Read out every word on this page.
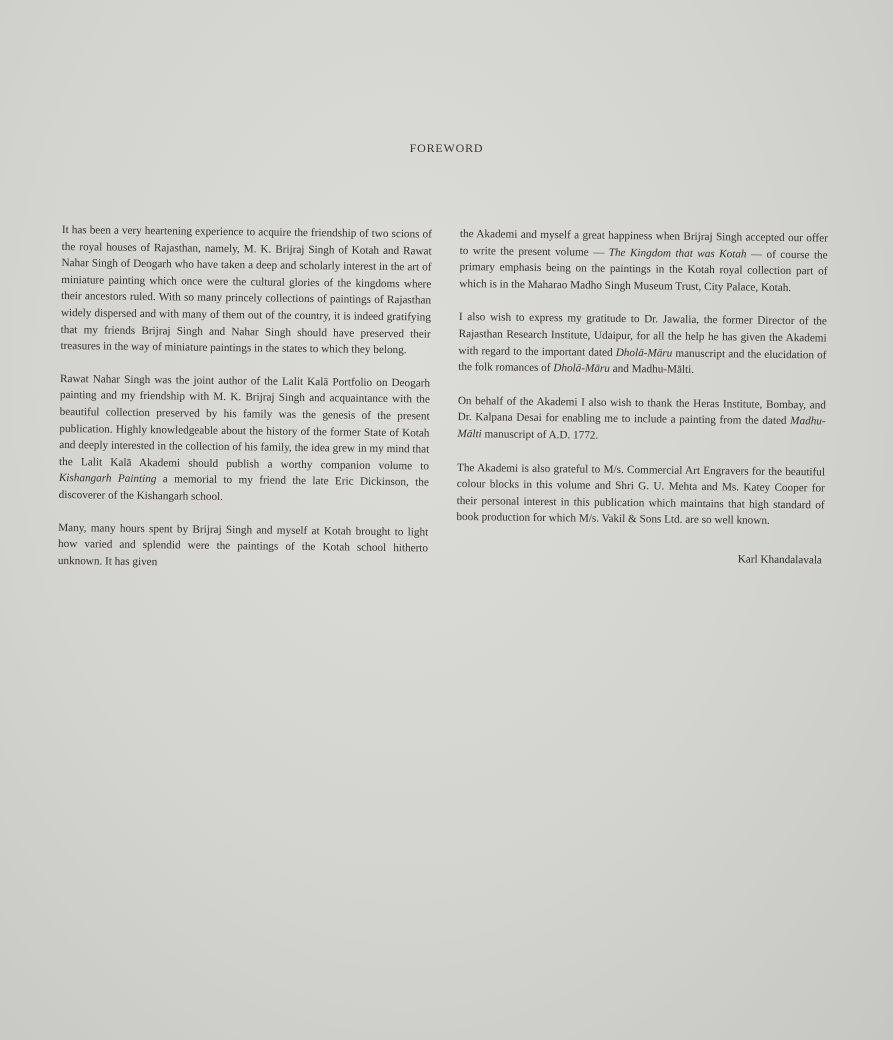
FOREWORD

It has been a very heartening experience to acquire the friendship of two scions of the royal houses of Rajasthan, namely, M. K. Brijraj Singh of Kotah and Rawat Nahar Singh of Deogarh who have taken a deep and scholarly interest in the art of miniature painting which once were the cultural glories of the kingdoms where their ancestors ruled. With so many princely collections of paintings of Rajasthan widely dispersed and with many of them out of the country, it is indeed gratifying that my friends Brijraj Singh and Nahar Singh should have preserved their treasures in the way of miniature paintings in the states to which they belong.

Rawat Nahar Singh was the joint author of the Lalit Kalā Portfolio on Deogarh painting and my friendship with M. K. Brijraj Singh and acquaintance with the beautiful collection preserved by his family was the genesis of the present publication. Highly knowledgeable about the history of the former State of Kotah and deeply interested in the collection of his family, the idea grew in my mind that the Lalit Kalā Akademi should publish a worthy companion volume to Kishangarh Painting a memorial to my friend the late Eric Dickinson, the discoverer of the Kishangarh school.

Many, many hours spent by Brijraj Singh and myself at Kotah brought to light how varied and splendid were the paintings of the Kotah school hitherto unknown. It has given

the Akademi and myself a great happiness when Brijraj Singh accepted our offer to write the present volume — The Kingdom that was Kotah — of course the primary emphasis being on the paintings in the Kotah royal collection part of which is in the Maharao Madho Singh Museum Trust, City Palace, Kotah.

I also wish to express my gratitude to Dr. Jawalia, the former Director of the Rajasthan Research Institute, Udaipur, for all the help he has given the Akademi with regard to the important dated Dholā-Māru manuscript and the elucidation of the folk romances of Dholā-Māru and Madhu-Mālti.

On behalf of the Akademi I also wish to thank the Heras Institute, Bombay, and Dr. Kalpana Desai for enabling me to include a painting from the dated Madhu-Mālti manuscript of A.D. 1772.

The Akademi is also grateful to M/s. Commercial Art Engravers for the beautiful colour blocks in this volume and Shri G. U. Mehta and Ms. Katey Cooper for their personal interest in this publication which maintains that high standard of book production for which M/s. Vakil & Sons Ltd. are so well known.

Karl Khandalavala
